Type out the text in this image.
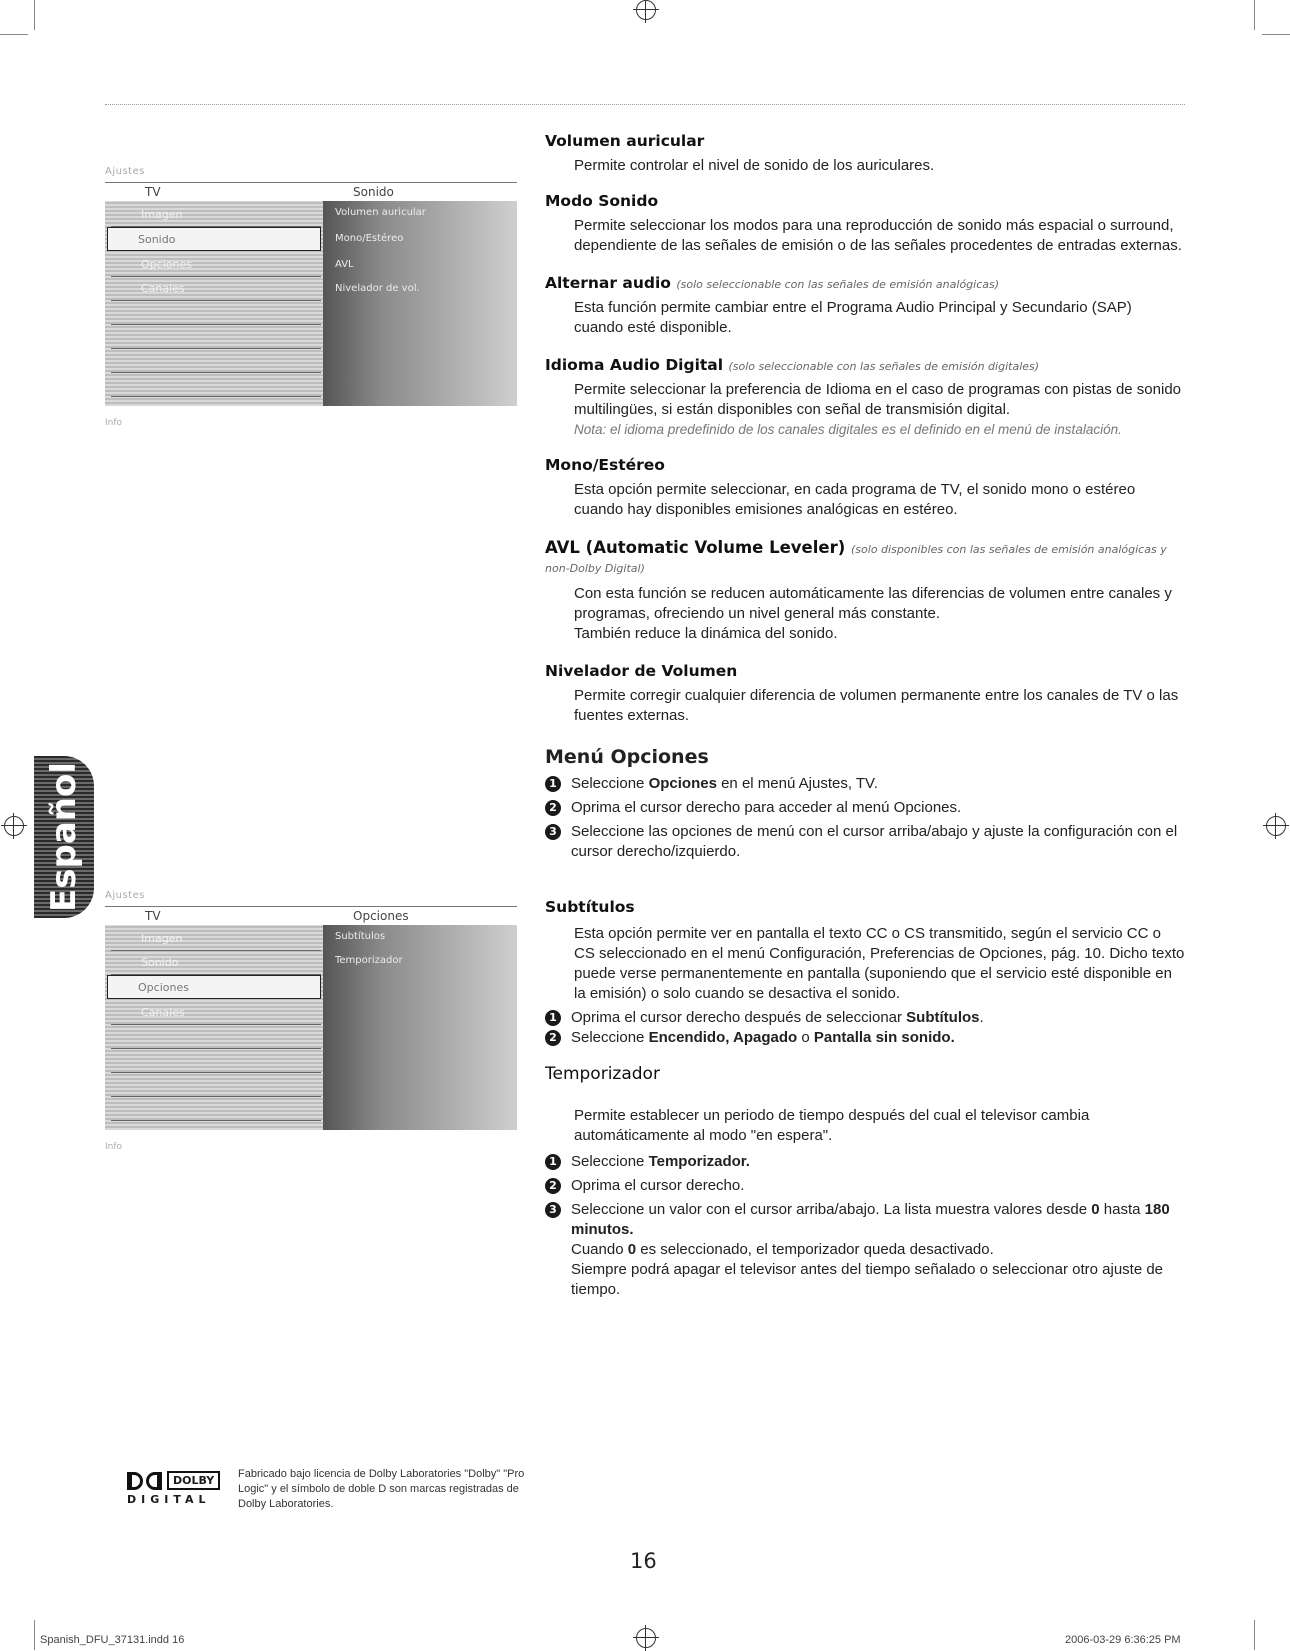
Ajustes
TV	Sonido
Imagen
Sonido
Opciones
Canales
Volumen auricular
Mono/Estéreo
AVL
Nivelador de vol.
Info
Ajustes
TV	Opciones
Imagen
Sonido
Opciones
Canales
Subtítulos
Temporizador
Info
Español
Volumen auricular

Permite controlar el nivel de sonido de los auriculares.

Modo Sonido

Permite seleccionar los modos para una reproducción de sonido más espacial o surround, dependiente de las señales de emisión o de las señales procedentes de entradas externas.

Alternar audio (solo seleccionable con las señales de emisión analógicas)

Esta función permite cambiar entre el Programa Audio Principal y Secundario (SAP) cuando esté disponible.

Idioma Audio Digital (solo seleccionable con las señales de emisión digitales)

Permite seleccionar la preferencia de Idioma en el caso de programas con pistas de sonido multilingües, si están disponibles con señal de transmisión digital.

Nota: el idioma predefinido de los canales digitales es el definido en el menú de instalación.

Mono/Estéreo

Esta opción permite seleccionar, en cada programa de TV, el sonido mono o estéreo cuando hay disponibles emisiones analógicas en estéreo.

AVL (Automatic Volume Leveler) (solo disponibles con las señales de emisión analógicas y non-Dolby Digital)

Con esta función se reducen automáticamente las diferencias de volumen entre canales y programas, ofreciendo un nivel general más constante.

También reduce la dinámica del sonido.

Nivelador de Volumen

Permite corregir cualquier diferencia de volumen permanente entre los canales de TV o las fuentes externas.

Menú Opciones
1 Seleccione Opciones en el menú Ajustes, TV.
2 Oprima el cursor derecho para acceder al menú Opciones.
3 Seleccione las opciones de menú con el cursor arriba/abajo y ajuste la configuración con el cursor derecho/izquierdo.
Subtítulos

Esta opción permite ver en pantalla el texto CC o CS transmitido, según el servicio CC o CS seleccionado en el menú Configuración, Preferencias de Opciones, pág. 10. Dicho texto puede verse permanentemente en pantalla (suponiendo que el servicio esté disponible en la emisión) o solo cuando se desactiva el sonido.

1 Oprima el cursor derecho después de seleccionar Subtítulos.
2 Seleccione Encendido, Apagado o Pantalla sin sonido.
Temporizador

Permite establecer un periodo de tiempo después del cual el televisor cambia automáticamente al modo "en espera".

1 Seleccione Temporizador.
2 Oprima el cursor derecho.
3 Seleccione un valor con el cursor arriba/abajo. La lista muestra valores desde 0 hasta 180 minutos.
Cuando 0 es seleccionado, el temporizador queda desactivado.
Siempre podrá apagar el televisor antes del tiempo señalado o seleccionar otro ajuste de tiempo.
DOLBY
DIGITAL
Fabricado bajo licencia de Dolby Laboratories "Dolby" "Pro Logic" y el símbolo de doble D son marcas registradas de Dolby Laboratories.
16
Spanish_DFU_37131.indd 16	2006-03-29 6:36:25 PM
